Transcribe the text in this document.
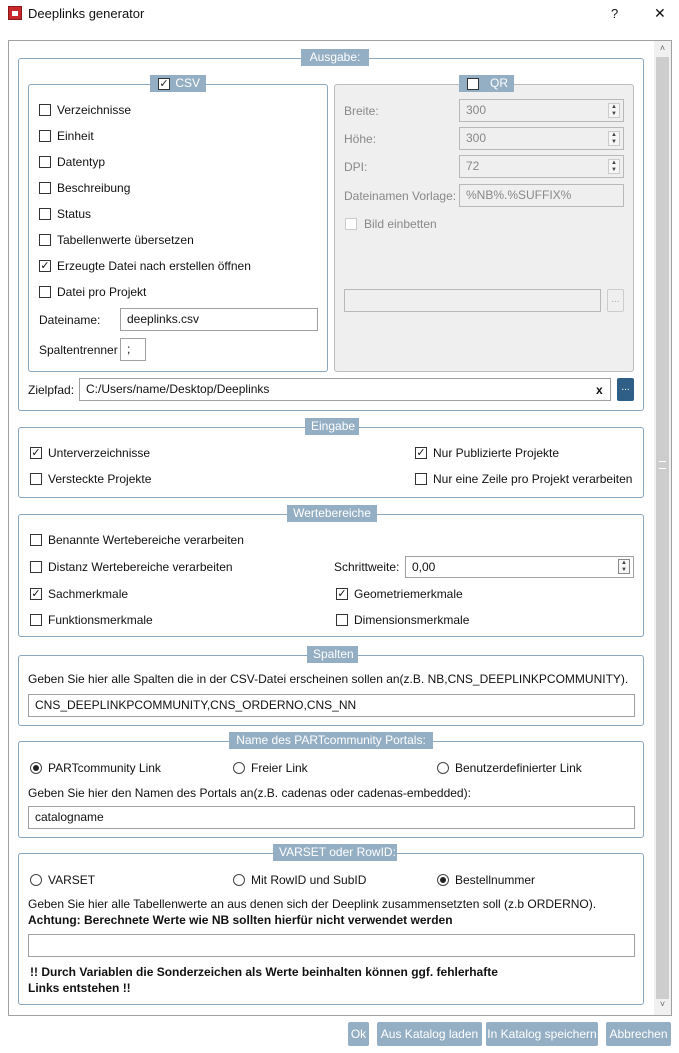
Deeplinks generator	?	✕
˄
˅
Ausgabe:
CSV
✓
Verzeichnisse
Einheit
Datentyp
Beschreibung
Status
Tabellenwerte übersetzen
✓ Erzeugte Datei nach erstellen öffnen
Datei pro Projekt
Dateiname:	deeplinks.csv
Spaltentrenner ;
QR
Breite:	300	▲
▼
Höhe:	300	▲
▼
DPI:	72	▲
▼
Dateinamen Vorlage: %NB%.%SUFFIX%
Bild einbetten
...
Zielpfad: C:/Users/name/Desktop/Deeplinks	x	...
Eingabe
✓ Unterverzeichnisse	✓ Nur Publizierte Projekte
Versteckte Projekte	Nur eine Zeile pro Projekt verarbeiten
Wertebereiche
Benannte Wertebereiche verarbeiten
Distanz Wertebereiche verarbeiten	Schrittweite:	0,00	▲
▼
✓ Sachmerkmale	✓ Geometriemerkmale
Funktionsmerkmale	Dimensionsmerkmale
Spalten
Geben Sie hier alle Spalten die in der CSV-Datei erscheinen sollen an(z.B. NB,CNS_DEEPLINKPCOMMUNITY).
CNS_DEEPLINKPCOMMUNITY,CNS_ORDERNO,CNS_NN
Name des PARTcommunity Portals:
PARTcommunity Link	Freier Link	Benutzerdefinierter Link
Geben Sie hier den Namen des Portals an(z.B. cadenas oder cadenas-embedded):
catalogname
VARSET oder RowID:
VARSET	Mit RowID und SubID	Bestellnummer
Geben Sie hier alle Tabellenwerte an aus denen sich der Deeplink zusammensetzten soll (z.b ORDERNO).
Achtung: Berechnete Werte wie NB sollten hierfür nicht verwendet werden
!! Durch Variablen die Sonderzeichen als Werte beinhalten können ggf. fehlerhafte
Links entstehen !!
Ok	Aus Katalog laden In Katalog speichern Abbrechen
